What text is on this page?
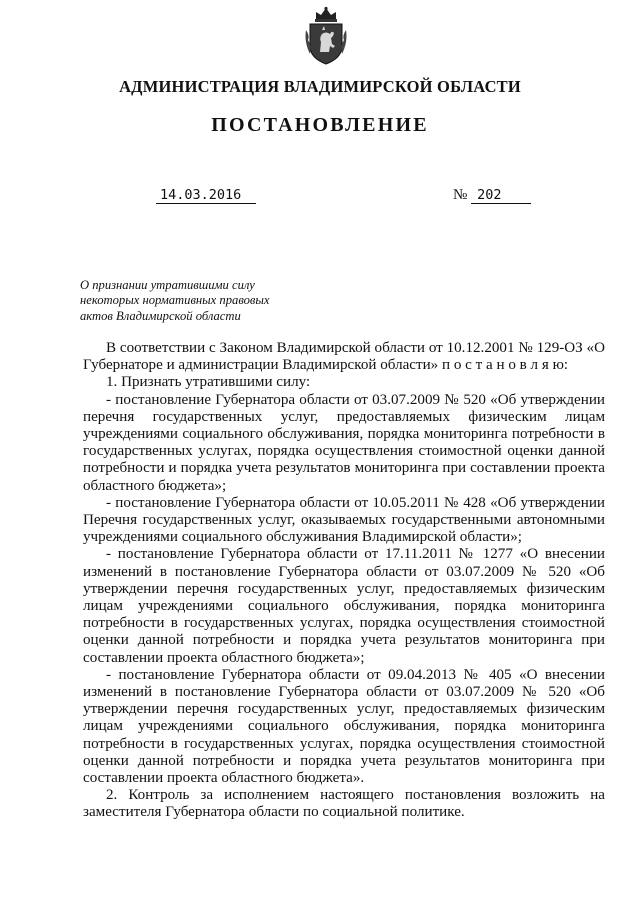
АДМИНИСТРАЦИЯ ВЛАДИМИРСКОЙ ОБЛАСТИ
ПОСТАНОВЛЕНИЕ
14.03.2016	№ 202
О признании утратившими силу
некоторых нормативных правовых
актов Владимирской области

В соответствии с Законом Владимирской области от 10.12.2001 № 129-ОЗ «О Губернаторе и администрации Владимирской области» п о с т а н о в л я ю:

1. Признать утратившими силу:

- постановление Губернатора области от 03.07.2009 № 520 «Об утверждении перечня государственных услуг, предоставляемых физическим лицам учреждениями социального обслуживания, порядка мониторинга потребности в государственных услугах, порядка осуществления стоимостной оценки данной потребности и порядка учета результатов мониторинга при составлении проекта областного бюджета»;

- постановление Губернатора области от 10.05.2011 № 428 «Об утверждении Перечня государственных услуг, оказываемых государственными автономными учреждениями социального обслуживания Владимирской области»;

- постановление Губернатора области от 17.11.2011 № 1277 «О внесении изменений в постановление Губернатора области от 03.07.2009 № 520 «Об утверждении перечня государственных услуг, предоставляемых физическим лицам учреждениями социального обслуживания, порядка мониторинга потребности в государственных услугах, порядка осуществления стоимостной оценки данной потребности и порядка учета результатов мониторинга при составлении проекта областного бюджета»;

- постановление Губернатора области от 09.04.2013 № 405 «О внесении изменений в постановление Губернатора области от 03.07.2009 № 520 «Об утверждении перечня государственных услуг, предоставляемых физическим лицам учреждениями социального обслуживания, порядка мониторинга потребности в государственных услугах, порядка осуществления стоимостной оценки данной потребности и порядка учета результатов мониторинга при составлении проекта областного бюджета».

2. Контроль за исполнением настоящего постановления возложить на заместителя Губернатора области по социальной политике.
